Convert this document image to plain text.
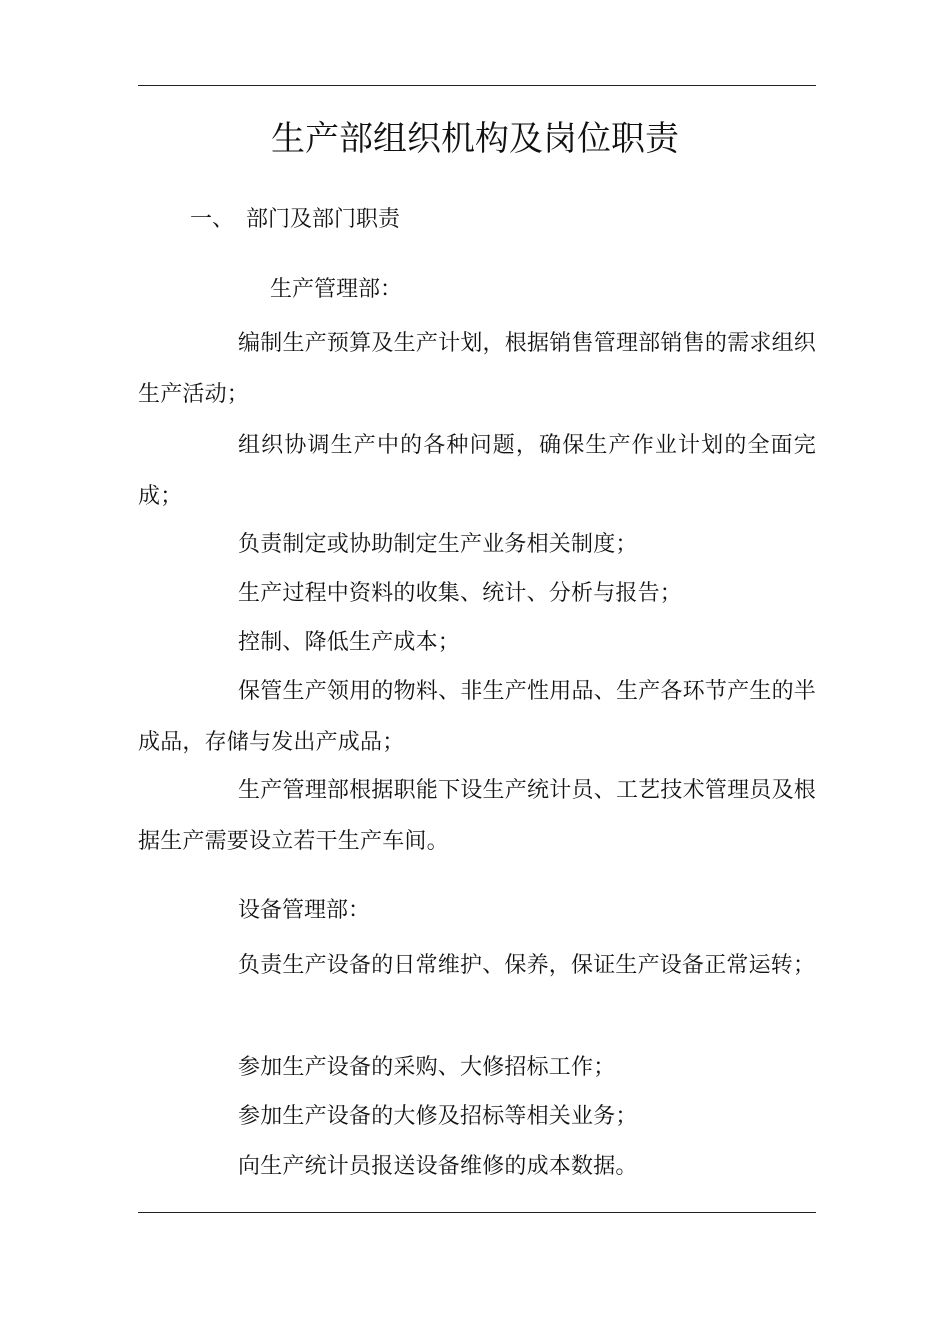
生产部组织机构及岗位职责
一、 部门及部门职责
生产管理部：
编制生产预算及生产计划，根据销售管理部销售的需求组织生产活动；
组织协调生产中的各种问题，确保生产作业计划的全面完成；
负责制定或协助制定生产业务相关制度；
生产过程中资料的收集、统计、分析与报告；
控制、降低生产成本；
保管生产领用的物料、非生产性用品、生产各环节产生的半成品，存储与发出产成品；
生产管理部根据职能下设生产统计员、工艺技术管理员及根据生产需要设立若干生产车间。
设备管理部：
负责生产设备的日常维护、保养，保证生产设备正常运转；
参加生产设备的采购、大修招标工作；
参加生产设备的大修及招标等相关业务；
向生产统计员报送设备维修的成本数据。
